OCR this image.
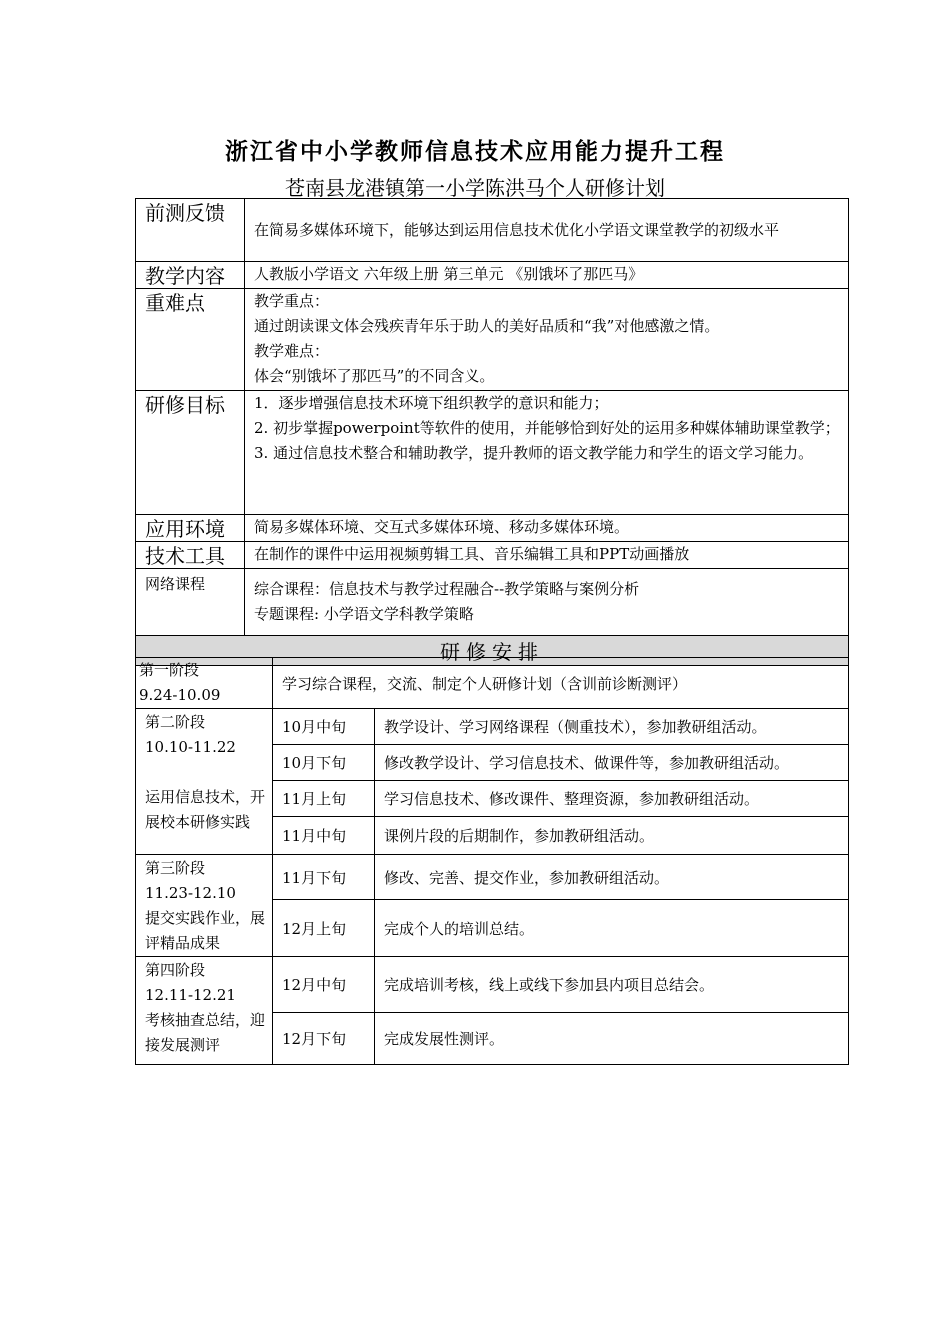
浙江省中小学教师信息技术应用能力提升工程
苍南县龙港镇第一小学陈洪马个人研修计划
前测反馈	在简易多媒体环境下，能够达到运用信息技术优化小学语文课堂教学的初级水平
教学内容	人教版小学语文 六年级上册 第三单元 《别饿坏了那匹马》
重难点	教学重点：
通过朗读课文体会残疾青年乐于助人的美好品质和“我”对他感激之情。
教学难点：
体会“别饿坏了那匹马”的不同含义。

研修目标	1．逐步增强信息技术环境下组织教学的意识和能力；
2. 初步掌握powerpoint等软件的使用，并能够恰到好处的运用多种媒体辅助课堂教学；
3. 通过信息技术整合和辅助教学，提升教师的语文教学能力和学生的语文学习能力。

应用环境	简易多媒体环境、交互式多媒体环境、移动多媒体环境。
技术工具	在制作的课件中运用视频剪辑工具、音乐编辑工具和PPT动画播放
网络课程	综合课程：信息技术与教学过程融合--教学策略与案例分析
专题课程: 小学语文学科教学策略

研修安排	
第一阶段
9.24-10.09	学习综合课程，交流、制定个人研修计划（含训前诊断测评）	

第二阶段
10.10-11.22
运用信息技术，开展校本研修实践	10月中旬	教学设计、学习网络课程（侧重技术），参加教研组活动。
	10月下旬	修改教学设计、学习信息技术、做课件等，参加教研组活动。
	11月上旬	学习信息技术、修改课件、整理资源，参加教研组活动。
	11月中旬	课例片段的后期制作，参加教研组活动。

第三阶段
11.23-12.10
提交实践作业，展评精品成果	11月下旬	修改、完善、提交作业，参加教研组活动。
	12月上旬	完成个人的培训总结。

第四阶段
12.11-12.21
考核抽查总结，迎接发展测评	12月中旬	完成培训考核，线上或线下参加县内项目总结会。
	12月下旬	完成发展性测评。
